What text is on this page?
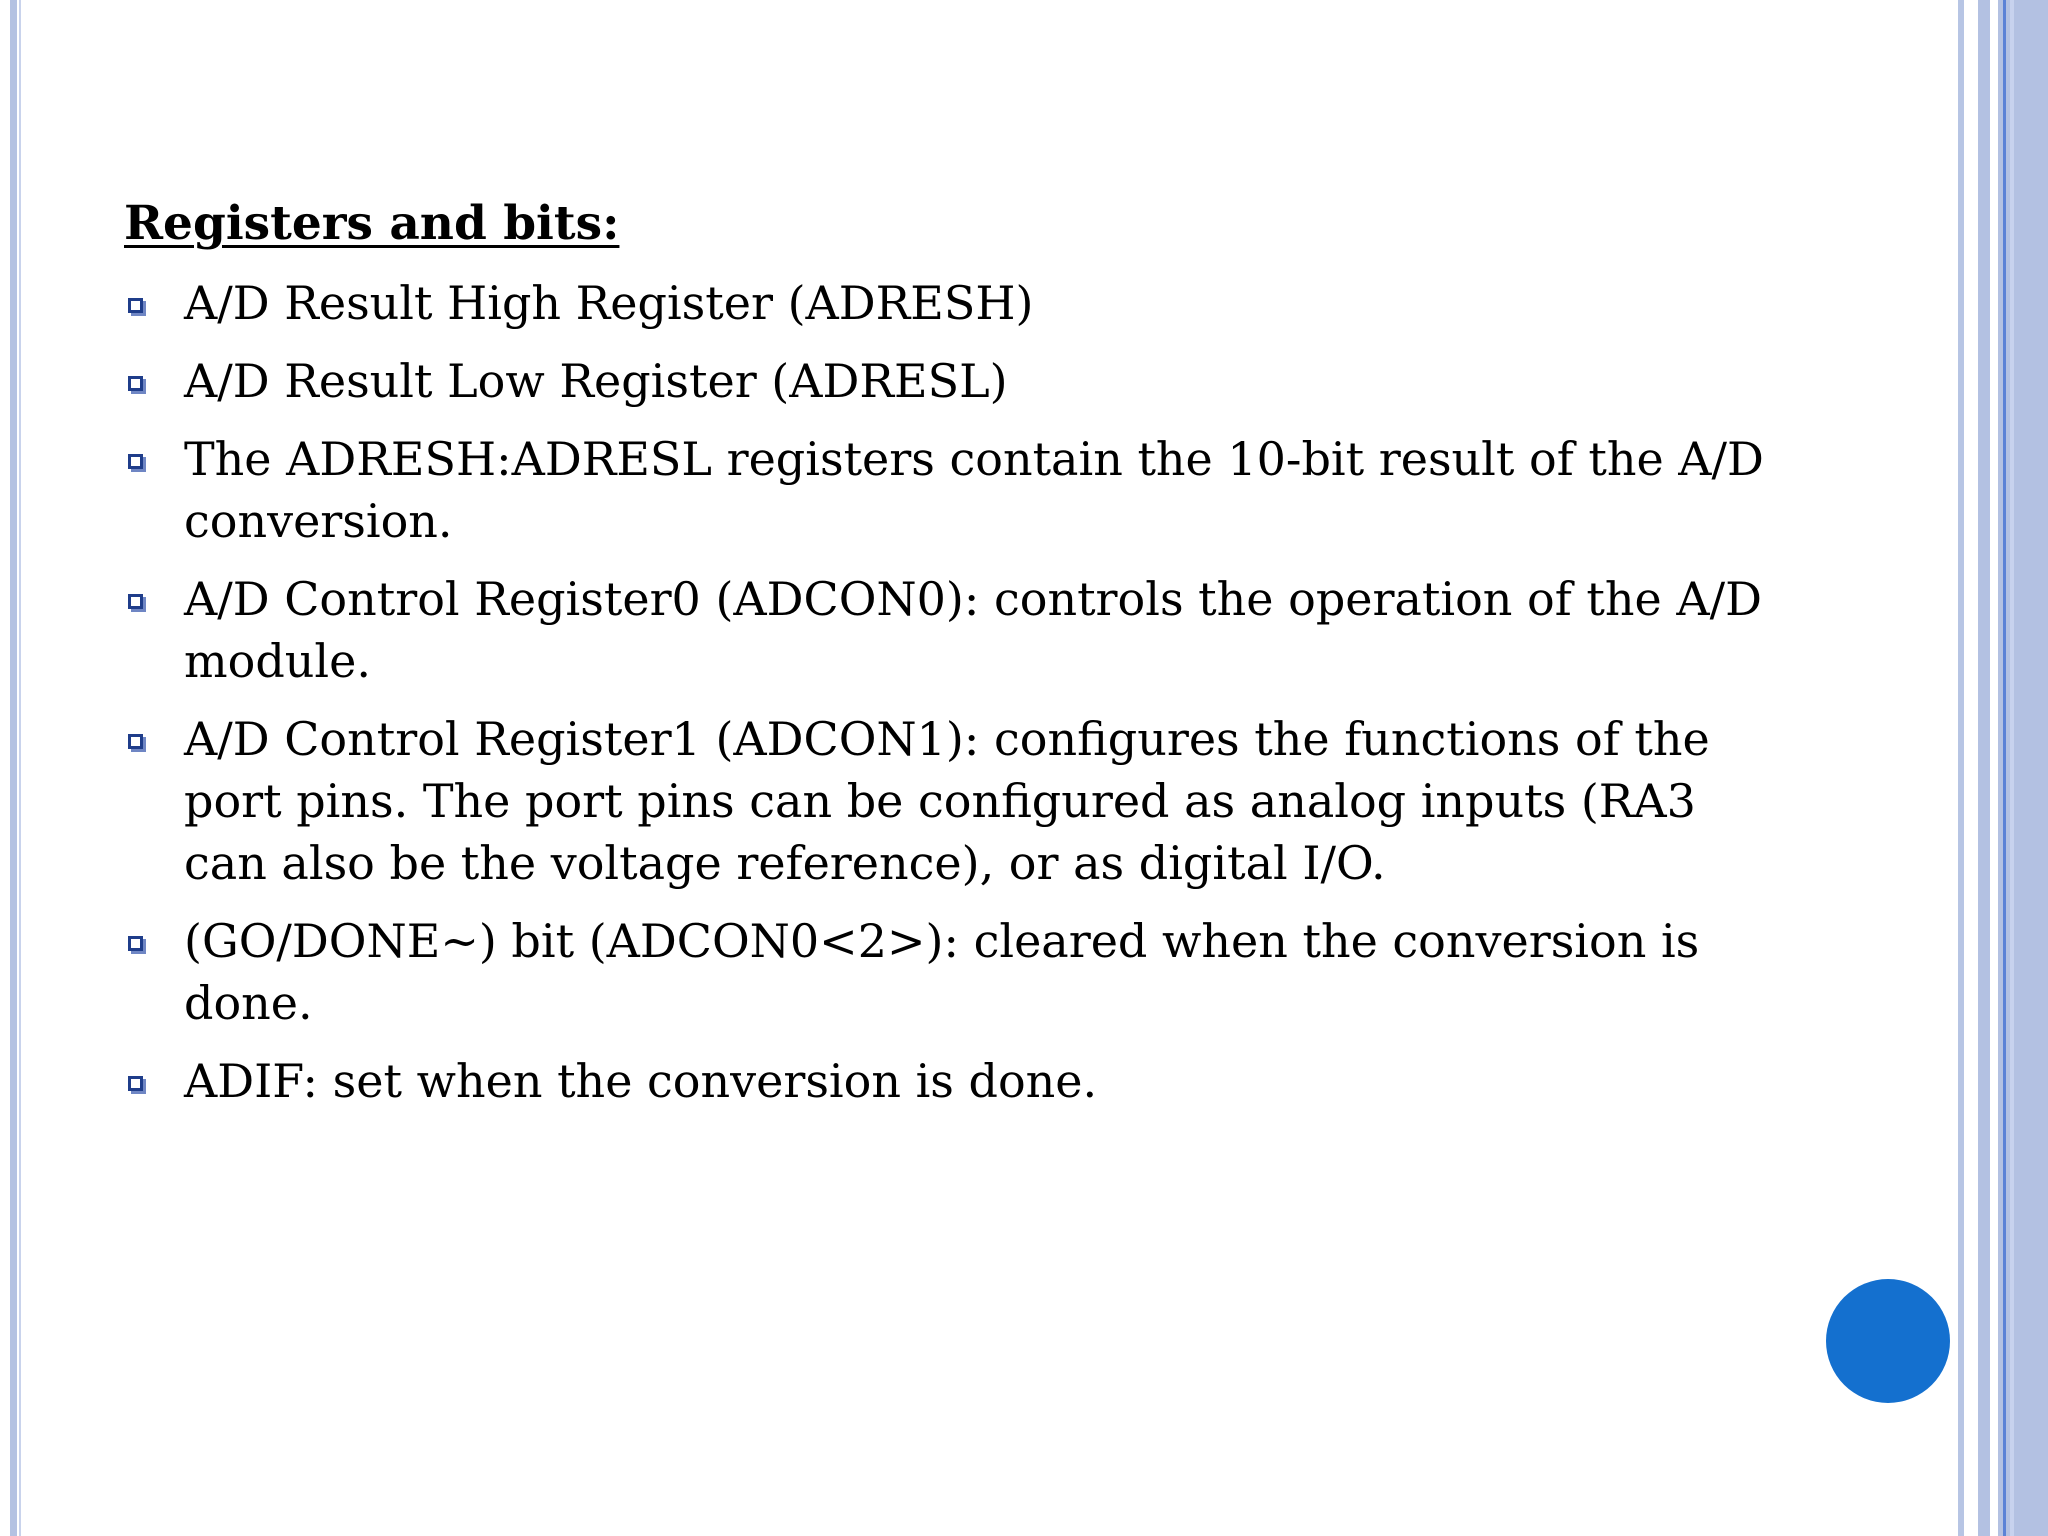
Registers and bits:
A/D Result High Register (ADRESH)
A/D Result Low Register (ADRESL)
The ADRESH:ADRESL registers contain the 10-bit result of the A/D conversion.
A/D Control Register0 (ADCON0): controls the operation of the A/D module.
A/D Control Register1 (ADCON1): configures the functions of the port pins. The port pins can be configured as analog inputs (RA3 can also be the voltage reference), or as digital I/O.
(GO/DONE~) bit (ADCON0<2>): cleared when the conversion is done.
ADIF: set when the conversion is done.
